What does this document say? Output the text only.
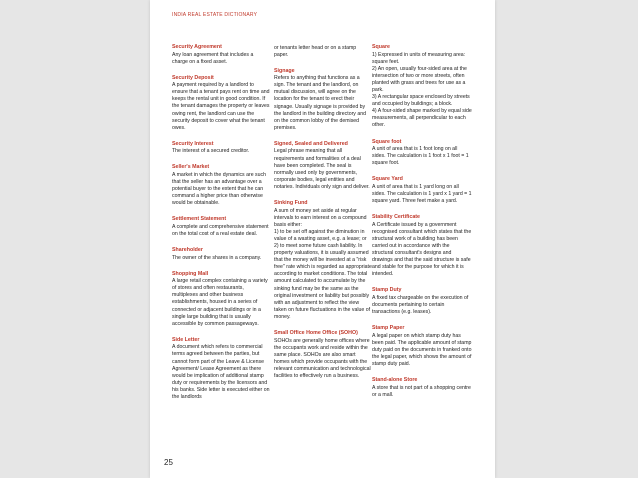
INDIA REAL ESTATE DICTIONARY
Security Agreement
Any loan agreement that includes a charge on a fixed asset.
Security Deposit
A payment required by a landlord to ensure that a tenant pays rent on time and keeps the rental unit in good condition. If the tenant damages the property or leaves owing rent, the landlord can use the security deposit to cover what the tenant owes.
Security Interest
The interest of a secured creditor.
Seller's Market
A market in which the dynamics are such that the seller has an advantage over a potential buyer to the extent that he can command a higher price than otherwise would be obtainable.
Settlement Statement
A complete and comprehensive statement on the total cost of a real estate deal.
Shareholder
The owner of the shares in a company.
Shopping Mall
A large retail complex containing a variety of stores and often restaurants, multiplexes and other business establishments, housed in a series of connected or adjacent buildings or in a single large building that is usually accessible by common passageways.
Side Letter
A document which refers to commercial terms agreed between the parties, but cannot form part of the Leave & License Agreement/ Lease Agreement as there would be implication of additional stamp duty or requirements by the licensors and his banks. Side letter is executed either on the landlords
or tenants letter head or on a stamp paper.
Signage
Refers to anything that functions as a sign. The tenant and the landlord, on mutual discussion, will agree on the location for the tenant to erect their signage. Usually signage is provided by the landlord in the building directory and on the common lobby of the demised premises.
Signed, Sealed and Delivered
Legal phrase meaning that all requirements and formalities of a deal have been completed. The seal is normally used only by governments, corporate bodies, legal entities and notaries. Individuals only sign and deliver.
Sinking Fund
A sum of money set aside at regular intervals to earn interest on a compound basis either:
1) to be set off against the diminution in value of a wasting asset, e.g. a lease; or
2) to meet some future cash liability. In property valuations, it is usually assumed that the money will be invested at a "risk free" rate which is regarded as appropriate according to market conditions. The total amount calculated to accumulate by the sinking fund may be the same as the original investment or liability but possibly with an adjustment to reflect the view taken on future fluctuations in the value of money.
Small Office Home Office (SOHO)
SOHOs are generally home offices where the occupants work and reside within the same place. SOHOs are also smart homes which provide occupants with the relevant communication and technological facilities to effectively run a business.
Square
1) Expressed in units of measuring area: square feet.
2) An open, usually four-sided area at the intersection of two or more streets, often planted with grass and trees for use as a park.
3) A rectangular space enclosed by streets and occupied by buildings; a block.
4) A four-sided shape marked by equal side measurements, all perpendicular to each other.
Square foot
A unit of area that is 1 foot long on all sides. The calculation is 1 foot x 1 foot = 1 square foot.
Square Yard
A unit of area that is 1 yard long on all sides. The calculation is 1 yard x 1 yard = 1 square yard. Three feet make a yard.
Stability Certificate
A Certificate issued by a government recognised consultant which states that the structural work of a building has been carried out in accordance with the structural consultant's designs and drawings and that the said structure is safe and stable for the purpose for which it is intended.
Stamp Duty
A fixed tax chargeable on the execution of documents pertaining to certain transactions (e.g. leases).
Stamp Paper
A legal paper on which stamp duty has been paid. The applicable amount of stamp duty paid on the documents in franked onto the legal paper, which shows the amount of stamp duty paid.
Stand-alone Store
A store that is not part of a shopping centre or a mall.
25
